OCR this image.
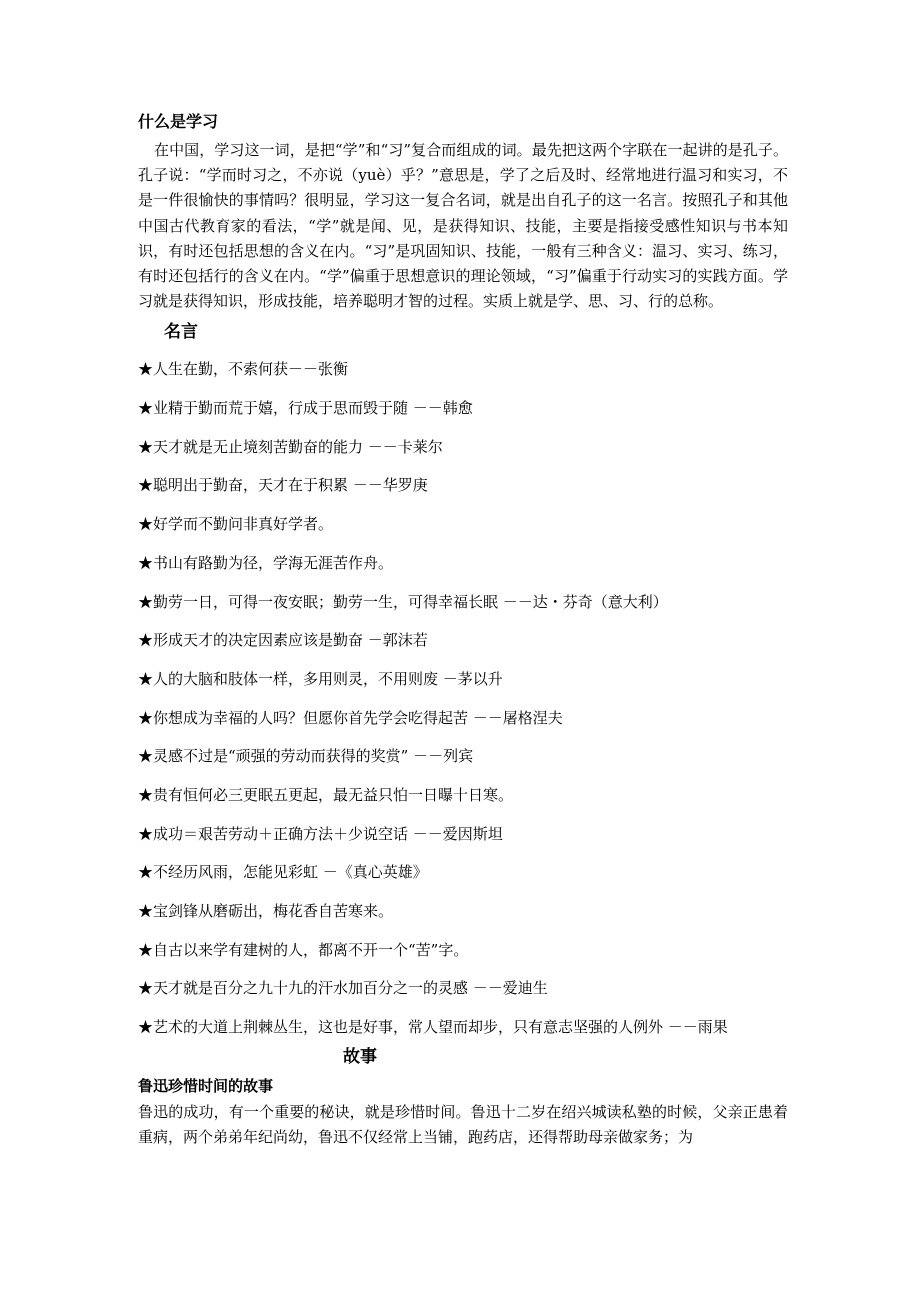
什么是学习

在中国，学习这一词，是把“学”和“习”复合而组成的词。最先把这两个字联在一起讲的是孔子。孔子说：“学而时习之，不亦说（yuè）乎？”意思是，学了之后及时、经常地进行温习和实习，不是一件很愉快的事情吗？很明显，学习这一复合名词，就是出自孔子的这一名言。按照孔子和其他中国古代教育家的看法，“学”就是闻、见，是获得知识、技能，主要是指接受感性知识与书本知识，有时还包括思想的含义在内。“习”是巩固知识、技能，一般有三种含义：温习、实习、练习，有时还包括行的含义在内。“学”偏重于思想意识的理论领域，“习”偏重于行动实习的实践方面。学习就是获得知识，形成技能，培养聪明才智的过程。实质上就是学、思、习、行的总称。

名言
★人生在勤，不索何获－－张衡
★业精于勤而荒于嬉，行成于思而毁于随 －－韩愈
★天才就是无止境刻苦勤奋的能力 －－卡莱尔
★聪明出于勤奋，天才在于积累 －－华罗庚
★好学而不勤问非真好学者。
★书山有路勤为径，学海无涯苦作舟。
★勤劳一日，可得一夜安眠；勤劳一生，可得幸福长眠 －－达・芬奇（意大利）
★形成天才的决定因素应该是勤奋 －郭沫若
★人的大脑和肢体一样，多用则灵，不用则废 －茅以升
★你想成为幸福的人吗？但愿你首先学会吃得起苦 －－屠格涅夫
★灵感不过是“顽强的劳动而获得的奖赏” －－列宾
★贵有恒何必三更眠五更起，最无益只怕一日曝十日寒。
★成功＝艰苦劳动＋正确方法＋少说空话 －－爱因斯坦
★不经历风雨，怎能见彩虹 －《真心英雄》
★宝剑锋从磨砺出，梅花香自苦寒来。
★自古以来学有建树的人，都离不开一个“苦”字。
★天才就是百分之九十九的汗水加百分之一的灵感 －－爱迪生
★艺术的大道上荆棘丛生，这也是好事，常人望而却步，只有意志坚强的人例外 －－雨果
故事
鲁迅珍惜时间的故事

鲁迅的成功，有一个重要的秘诀，就是珍惜时间。鲁迅十二岁在绍兴城读私塾的时候，父亲正患着重病，两个弟弟年纪尚幼，鲁迅不仅经常上当铺，跑药店，还得帮助母亲做家务；为
